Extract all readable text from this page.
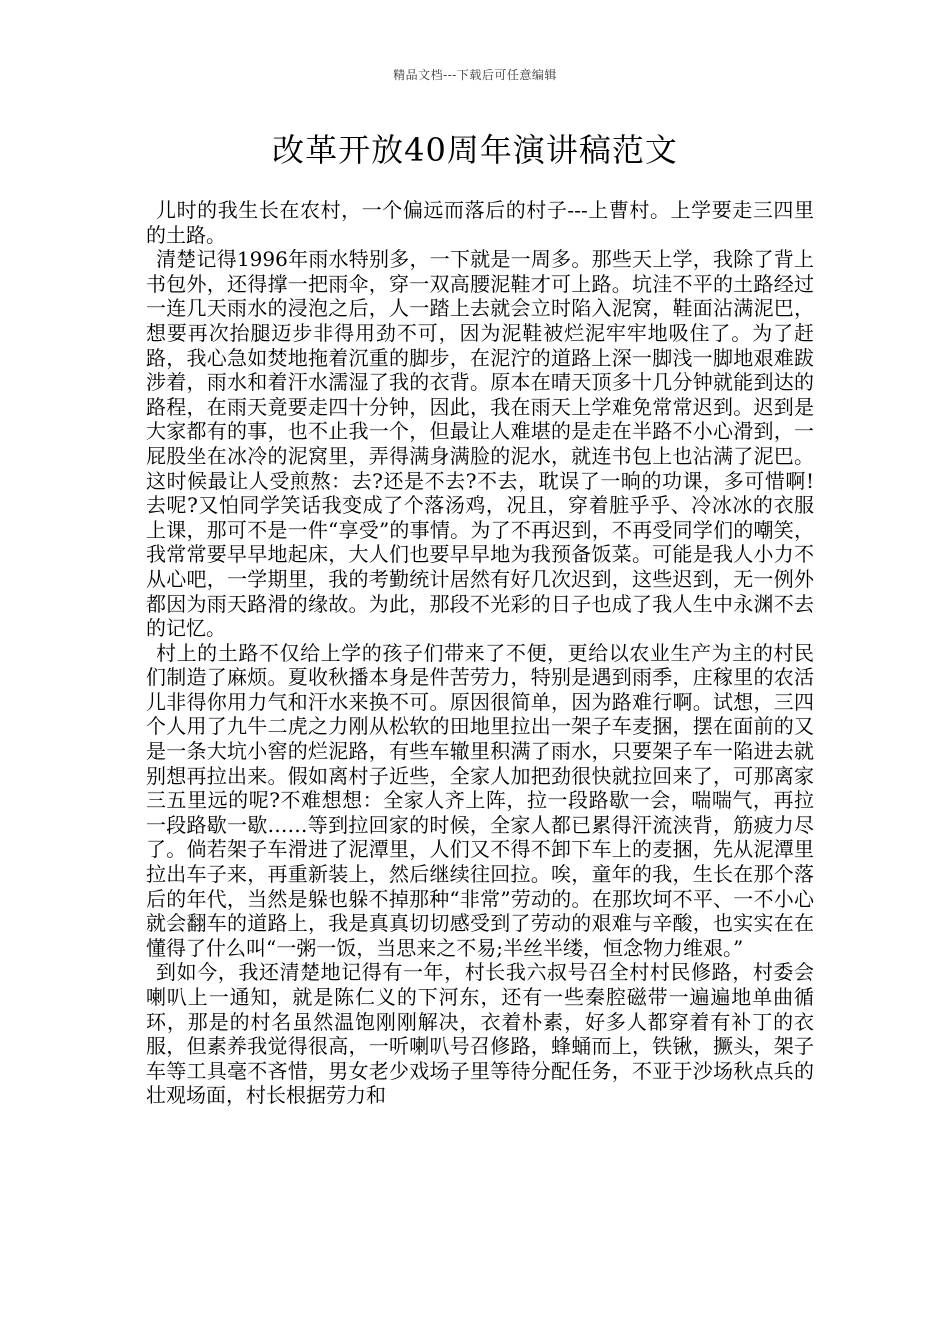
精品文档---下载后可任意编辑
改革开放40周年演讲稿范文

儿时的我生长在农村，一个偏远而落后的村子---上曹村。上学要走三四里的土路。

清楚记得1996年雨水特别多，一下就是一周多。那些天上学，我除了背上书包外，还得撑一把雨伞，穿一双高腰泥鞋才可上路。坑洼不平的土路经过一连几天雨水的浸泡之后，人一踏上去就会立时陷入泥窝，鞋面沾满泥巴，想要再次抬腿迈步非得用劲不可，因为泥鞋被烂泥牢牢地吸住了。为了赶路，我心急如焚地拖着沉重的脚步，在泥泞的道路上深一脚浅一脚地艰难跋涉着，雨水和着汗水濡湿了我的衣背。原本在晴天顶多十几分钟就能到达的路程，在雨天竟要走四十分钟，因此，我在雨天上学难免常常迟到。迟到是大家都有的事，也不止我一个，但最让人难堪的是走在半路不小心滑到，一屁股坐在冰冷的泥窝里，弄得满身满脸的泥水，就连书包上也沾满了泥巴。这时候最让人受煎熬：去?还是不去?不去，耽误了一晌的功课，多可惜啊!去呢?又怕同学笑话我变成了个落汤鸡，况且，穿着脏乎乎、冷冰冰的衣服上课，那可不是一件“享受”的事情。为了不再迟到，不再受同学们的嘲笑，我常常要早早地起床，大人们也要早早地为我预备饭菜。可能是我人小力不从心吧，一学期里，我的考勤统计居然有好几次迟到，这些迟到，无一例外都因为雨天路滑的缘故。为此，那段不光彩的日子也成了我人生中永渊不去的记忆。

村上的土路不仅给上学的孩子们带来了不便，更给以农业生产为主的村民们制造了麻烦。夏收秋播本身是件苦劳力，特别是遇到雨季，庄稼里的农活儿非得你用力气和汗水来换不可。原因很简单，因为路难行啊。试想，三四个人用了九牛二虎之力刚从松软的田地里拉出一架子车麦捆，摆在面前的又是一条大坑小窖的烂泥路，有些车辙里积满了雨水，只要架子车一陷进去就别想再拉出来。假如离村子近些，全家人加把劲很快就拉回来了，可那离家三五里远的呢?不难想想：全家人齐上阵，拉一段路歇一会，喘喘气，再拉一段路歇一歇……等到拉回家的时候，全家人都已累得汗流浃背，筋疲力尽了。倘若架子车滑进了泥潭里，人们又不得不卸下车上的麦捆，先从泥潭里拉出车子来，再重新装上，然后继续往回拉。唉，童年的我，生长在那个落后的年代，当然是躲也躲不掉那种“非常”劳动的。在那坎坷不平、一不小心就会翻车的道路上，我是真真切切感受到了劳动的艰难与辛酸，也实实在在懂得了什么叫“一粥一饭，当思来之不易;半丝半缕，恒念物力维艰。”

到如今，我还清楚地记得有一年，村长我六叔号召全村村民修路，村委会喇叭上一通知，就是陈仁义的下河东，还有一些秦腔磁带一遍遍地单曲循环，那是的村名虽然温饱刚刚解决，衣着朴素，好多人都穿着有补丁的衣服，但素养我觉得很高，一听喇叭号召修路，蜂蛹而上，铁锹，撅头，架子车等工具毫不吝惜，男女老少戏场子里等待分配任务，不亚于沙场秋点兵的壮观场面，村长根据劳力和
